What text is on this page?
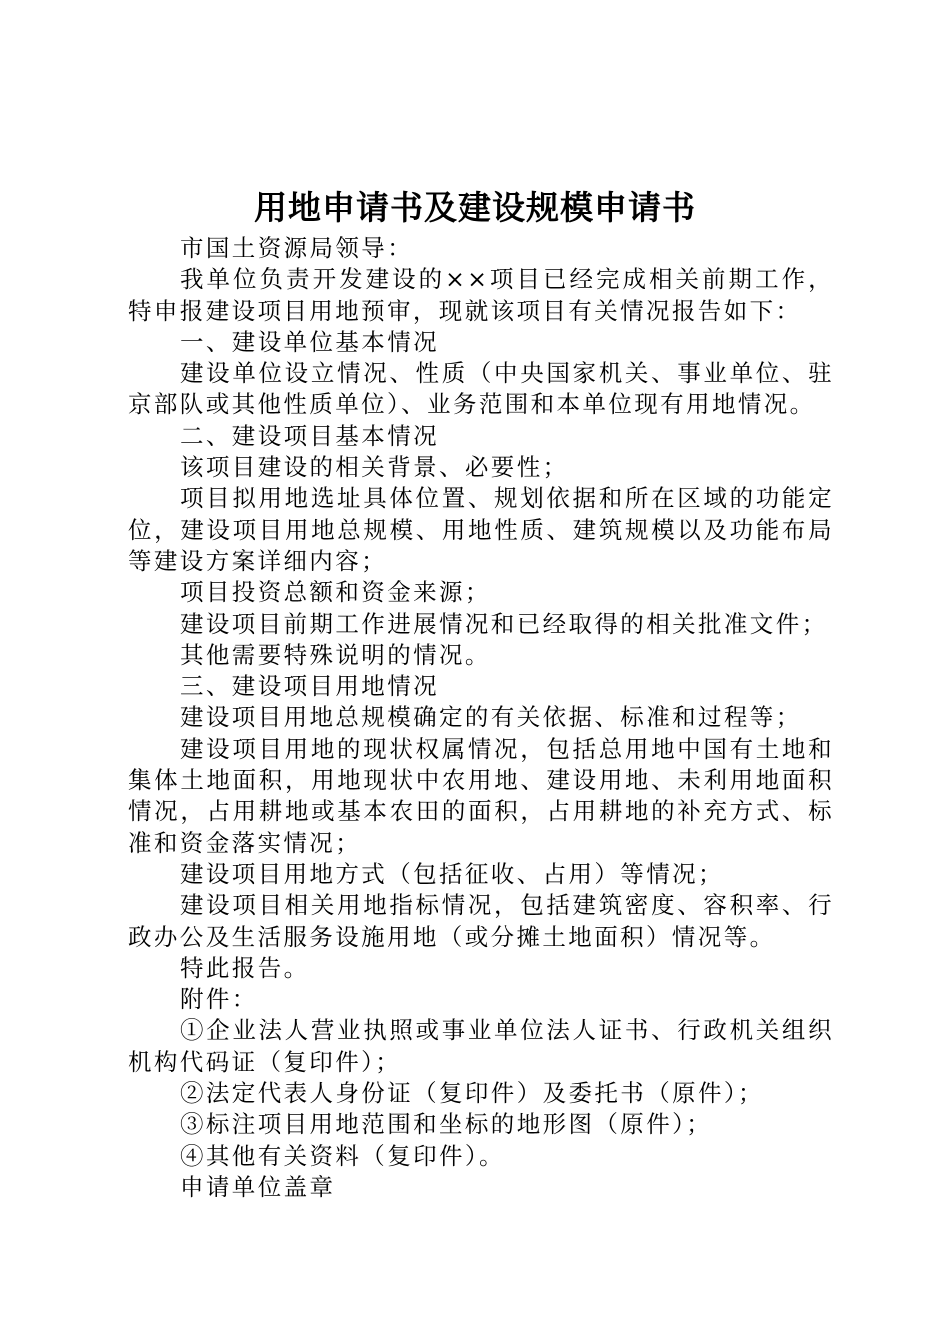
用地申请书及建设规模申请书

市国土资源局领导：

我单位负责开发建设的××项目已经完成相关前期工作，特申报建设项目用地预审，现就该项目有关情况报告如下：

一、建设单位基本情况

建设单位设立情况、性质（中央国家机关、事业单位、驻京部队或其他性质单位）、业务范围和本单位现有用地情况。

二、建设项目基本情况

该项目建设的相关背景、必要性；

项目拟用地选址具体位置、规划依据和所在区域的功能定位，建设项目用地总规模、用地性质、建筑规模以及功能布局等建设方案详细内容；

项目投资总额和资金来源；

建设项目前期工作进展情况和已经取得的相关批准文件；

其他需要特殊说明的情况。

三、建设项目用地情况

建设项目用地总规模确定的有关依据、标准和过程等；

建设项目用地的现状权属情况，包括总用地中国有土地和集体土地面积，用地现状中农用地、建设用地、未利用地面积情况，占用耕地或基本农田的面积，占用耕地的补充方式、标准和资金落实情况；

建设项目用地方式（包括征收、占用）等情况；

建设项目相关用地指标情况，包括建筑密度、容积率、行政办公及生活服务设施用地（或分摊土地面积）情况等。

特此报告。

附件：

①企业法人营业执照或事业单位法人证书、行政机关组织机构代码证（复印件）；

②法定代表人身份证（复印件）及委托书（原件）；

③标注项目用地范围和坐标的地形图（原件）；

④其他有关资料（复印件）。

申请单位盖章
